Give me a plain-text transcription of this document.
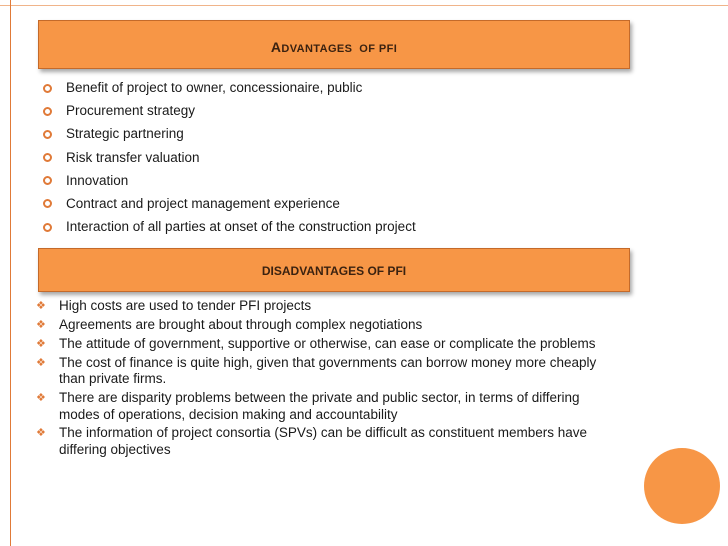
ADVANTAGES  OF PFI
Benefit of project to owner, concessionaire, public
Procurement strategy
Strategic partnering
Risk transfer valuation
Innovation
Contract and project management experience
Interaction of all parties at onset of the construction project
DISADVANTAGES OF PFI
❖ High costs are used to tender PFI projects
❖ Agreements are brought about through complex negotiations
❖ The attitude of government, supportive or otherwise, can ease or complicate the problems
❖ The cost of finance is quite high, given that governments can borrow money more cheaply than private firms.
❖ There are disparity problems between the private and public sector, in terms of differing modes of operations, decision making and accountability
❖ The information of project consortia (SPVs) can be difficult as constituent members have differing objectives
